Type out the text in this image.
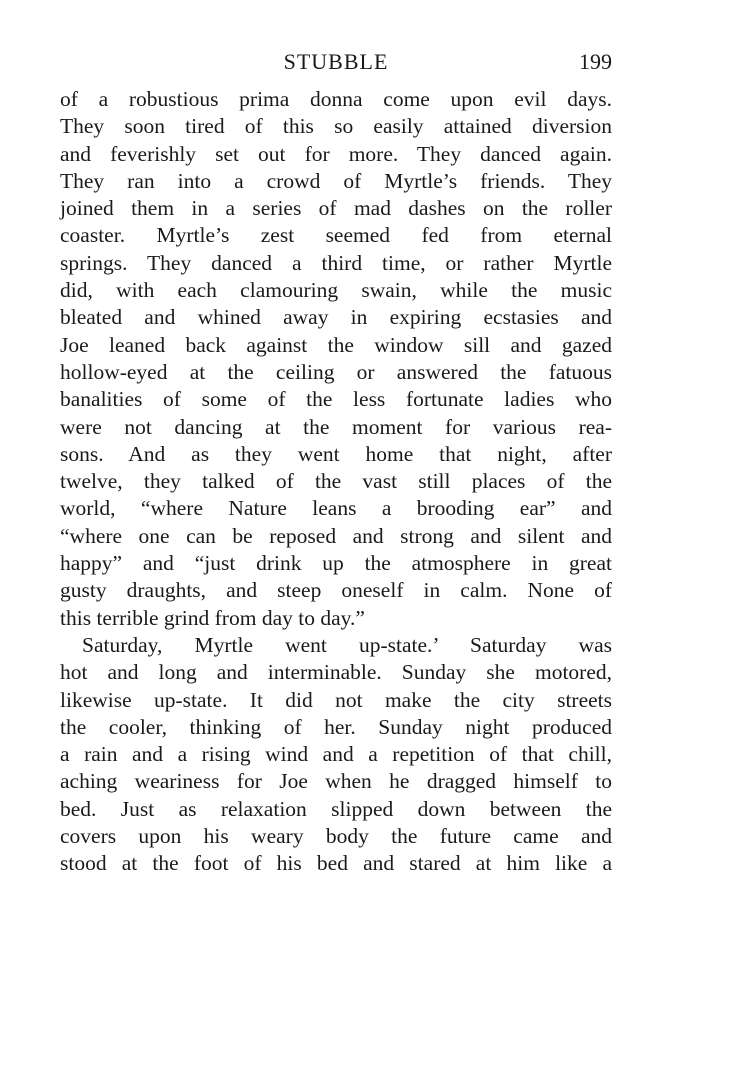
STUBBLE	199
of a robustious prima donna come upon evil days.
They soon tired of this so easily attained diversion
and feverishly set out for more. They danced again.
They ran into a crowd of Myrtle’s friends. They
joined them in a series of mad dashes on the roller
coaster. Myrtle’s zest seemed fed from eternal
springs. They danced a third time, or rather Myrtle
did, with each clamouring swain, while the music
bleated and whined away in expiring ecstasies and
Joe leaned back against the window sill and gazed
hollow-eyed at the ceiling or answered the fatuous
banalities of some of the less fortunate ladies who
were not dancing at the moment for various rea-
sons. And as they went home that night, after
twelve, they talked of the vast still places of the
world, “where Nature leans a brooding ear” and
“where one can be reposed and strong and silent and
happy” and “just drink up the atmosphere in great
gusty draughts, and steep oneself in calm. None of
this terrible grind from day to day.”
Saturday, Myrtle went up-state.’ Saturday was
hot and long and interminable. Sunday she motored,
likewise up-state. It did not make the city streets
the cooler, thinking of her. Sunday night produced
a rain and a rising wind and a repetition of that chill,
aching weariness for Joe when he dragged himself to
bed. Just as relaxation slipped down between the
covers upon his weary body the future came and
stood at the foot of his bed and stared at him like a
